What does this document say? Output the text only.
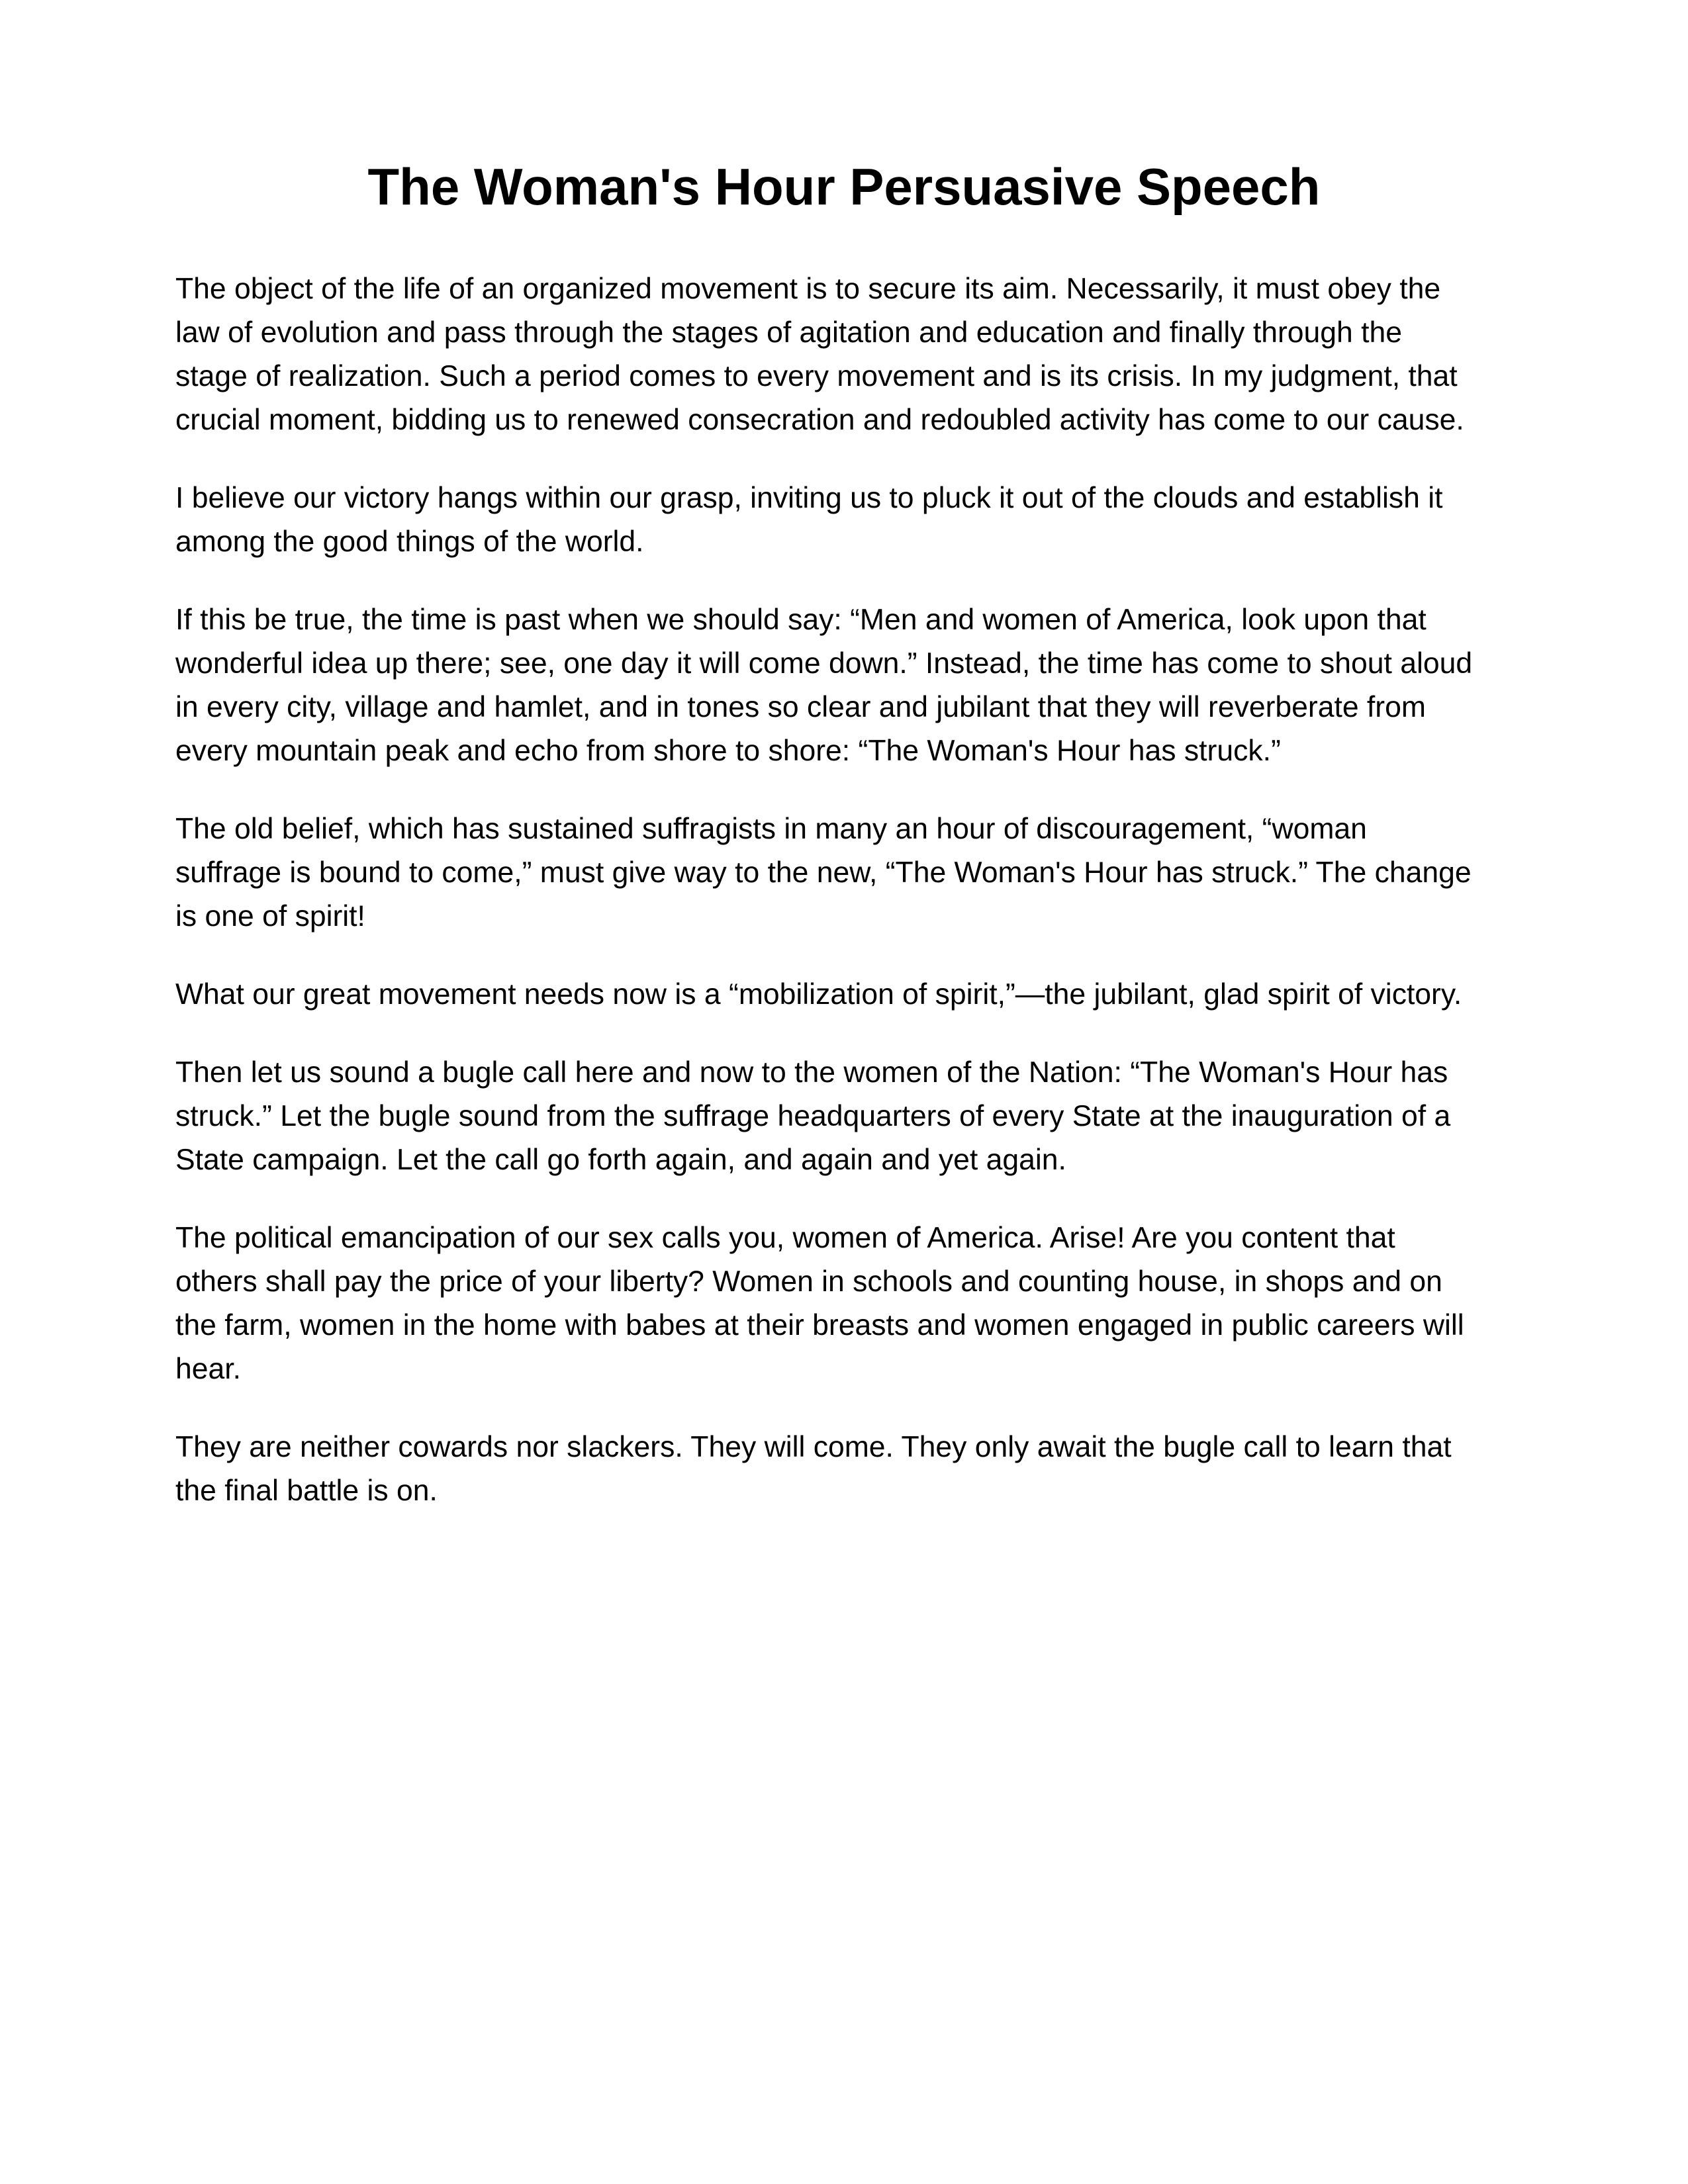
The Woman's Hour Persuasive Speech

The object of the life of an organized movement is to secure its aim. Necessarily, it must obey the
law of evolution and pass through the stages of agitation and education and finally through the
stage of realization. Such a period comes to every movement and is its crisis. In my judgment, that
crucial moment, bidding us to renewed consecration and redoubled activity has come to our cause.

I believe our victory hangs within our grasp, inviting us to pluck it out of the clouds and establish it
among the good things of the world.

If this be true, the time is past when we should say: “Men and women of America, look upon that
wonderful idea up there; see, one day it will come down.” Instead, the time has come to shout aloud
in every city, village and hamlet, and in tones so clear and jubilant that they will reverberate from
every mountain peak and echo from shore to shore: “The Woman's Hour has struck.”

The old belief, which has sustained suffragists in many an hour of discouragement, “woman
suffrage is bound to come,” must give way to the new, “The Woman's Hour has struck.” The change
is one of spirit!

What our great movement needs now is a “mobilization of spirit,”—the jubilant, glad spirit of victory.

Then let us sound a bugle call here and now to the women of the Nation: “The Woman's Hour has
struck.” Let the bugle sound from the suffrage headquarters of every State at the inauguration of a
State campaign. Let the call go forth again, and again and yet again.

The political emancipation of our sex calls you, women of America. Arise! Are you content that
others shall pay the price of your liberty? Women in schools and counting house, in shops and on
the farm, women in the home with babes at their breasts and women engaged in public careers will
hear.

They are neither cowards nor slackers. They will come. They only await the bugle call to learn that
the final battle is on.
